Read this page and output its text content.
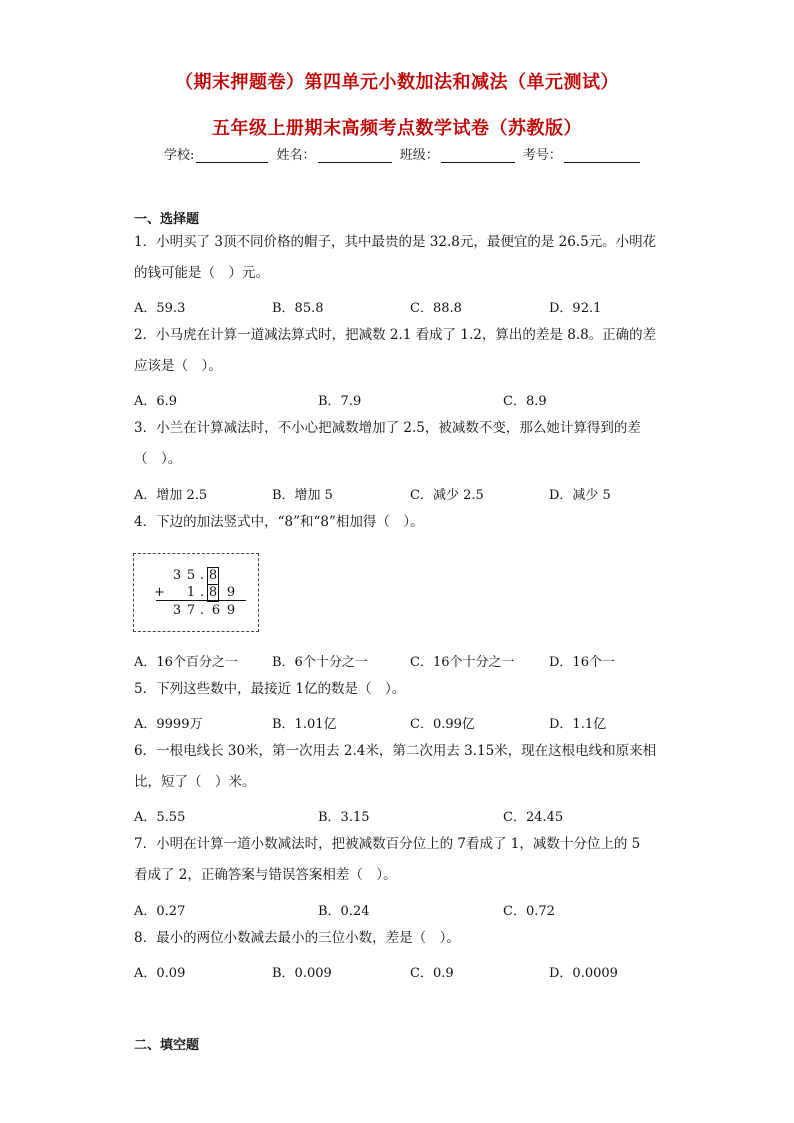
（期末押题卷）第四单元小数加法和减法（单元测试）
五年级上册期末高频考点数学试卷（苏教版）
学校:	姓名：	班级：	考号：
一、选择题
1．小明买了 3顶不同价格的帽子，其中最贵的是 32.8元，最便宜的是 26.5元。小明花
的钱可能是（　）元。
A．59.3	B．85.8	C．88.8	D．92.1
2．小马虎在计算一道减法算式时，把减数 2.1 看成了 1.2，算出的差是 8.8。正确的差
应该是（　）。
A．6.9	B．7.9	C．8.9
3．小兰在计算减法时，不小心把减数增加了 2.5，被减数不变，那么她计算得到的差
（　）。
A．增加 2.5	B．增加 5	C．减少 2.5	D．减少 5
4．下边的加法竖式中，“8”和“8”相加得（　）。
3 5 . 8
+ 1 . 8 9
3 7 . 6 9
A．16个百分之一	B．6个十分之一	C．16个十分之一	D．16个一
5．下列这些数中，最接近 1亿的数是（　）。
A．9999万	B．1.01亿	C．0.99亿	D．1.1亿
6．一根电线长 30米，第一次用去 2.4米，第二次用去 3.15米，现在这根电线和原来相
比，短了（　）米。
A．5.55	B．3.15	C．24.45
7．小明在计算一道小数减法时，把被减数百分位上的 7看成了 1，减数十分位上的 5
看成了 2，正确答案与错误答案相差（　）。
A．0.27	B．0.24	C．0.72
8．最小的两位小数减去最小的三位小数，差是（　）。
A．0.09	B．0.009	C．0.9	D．0.0009
二、填空题
